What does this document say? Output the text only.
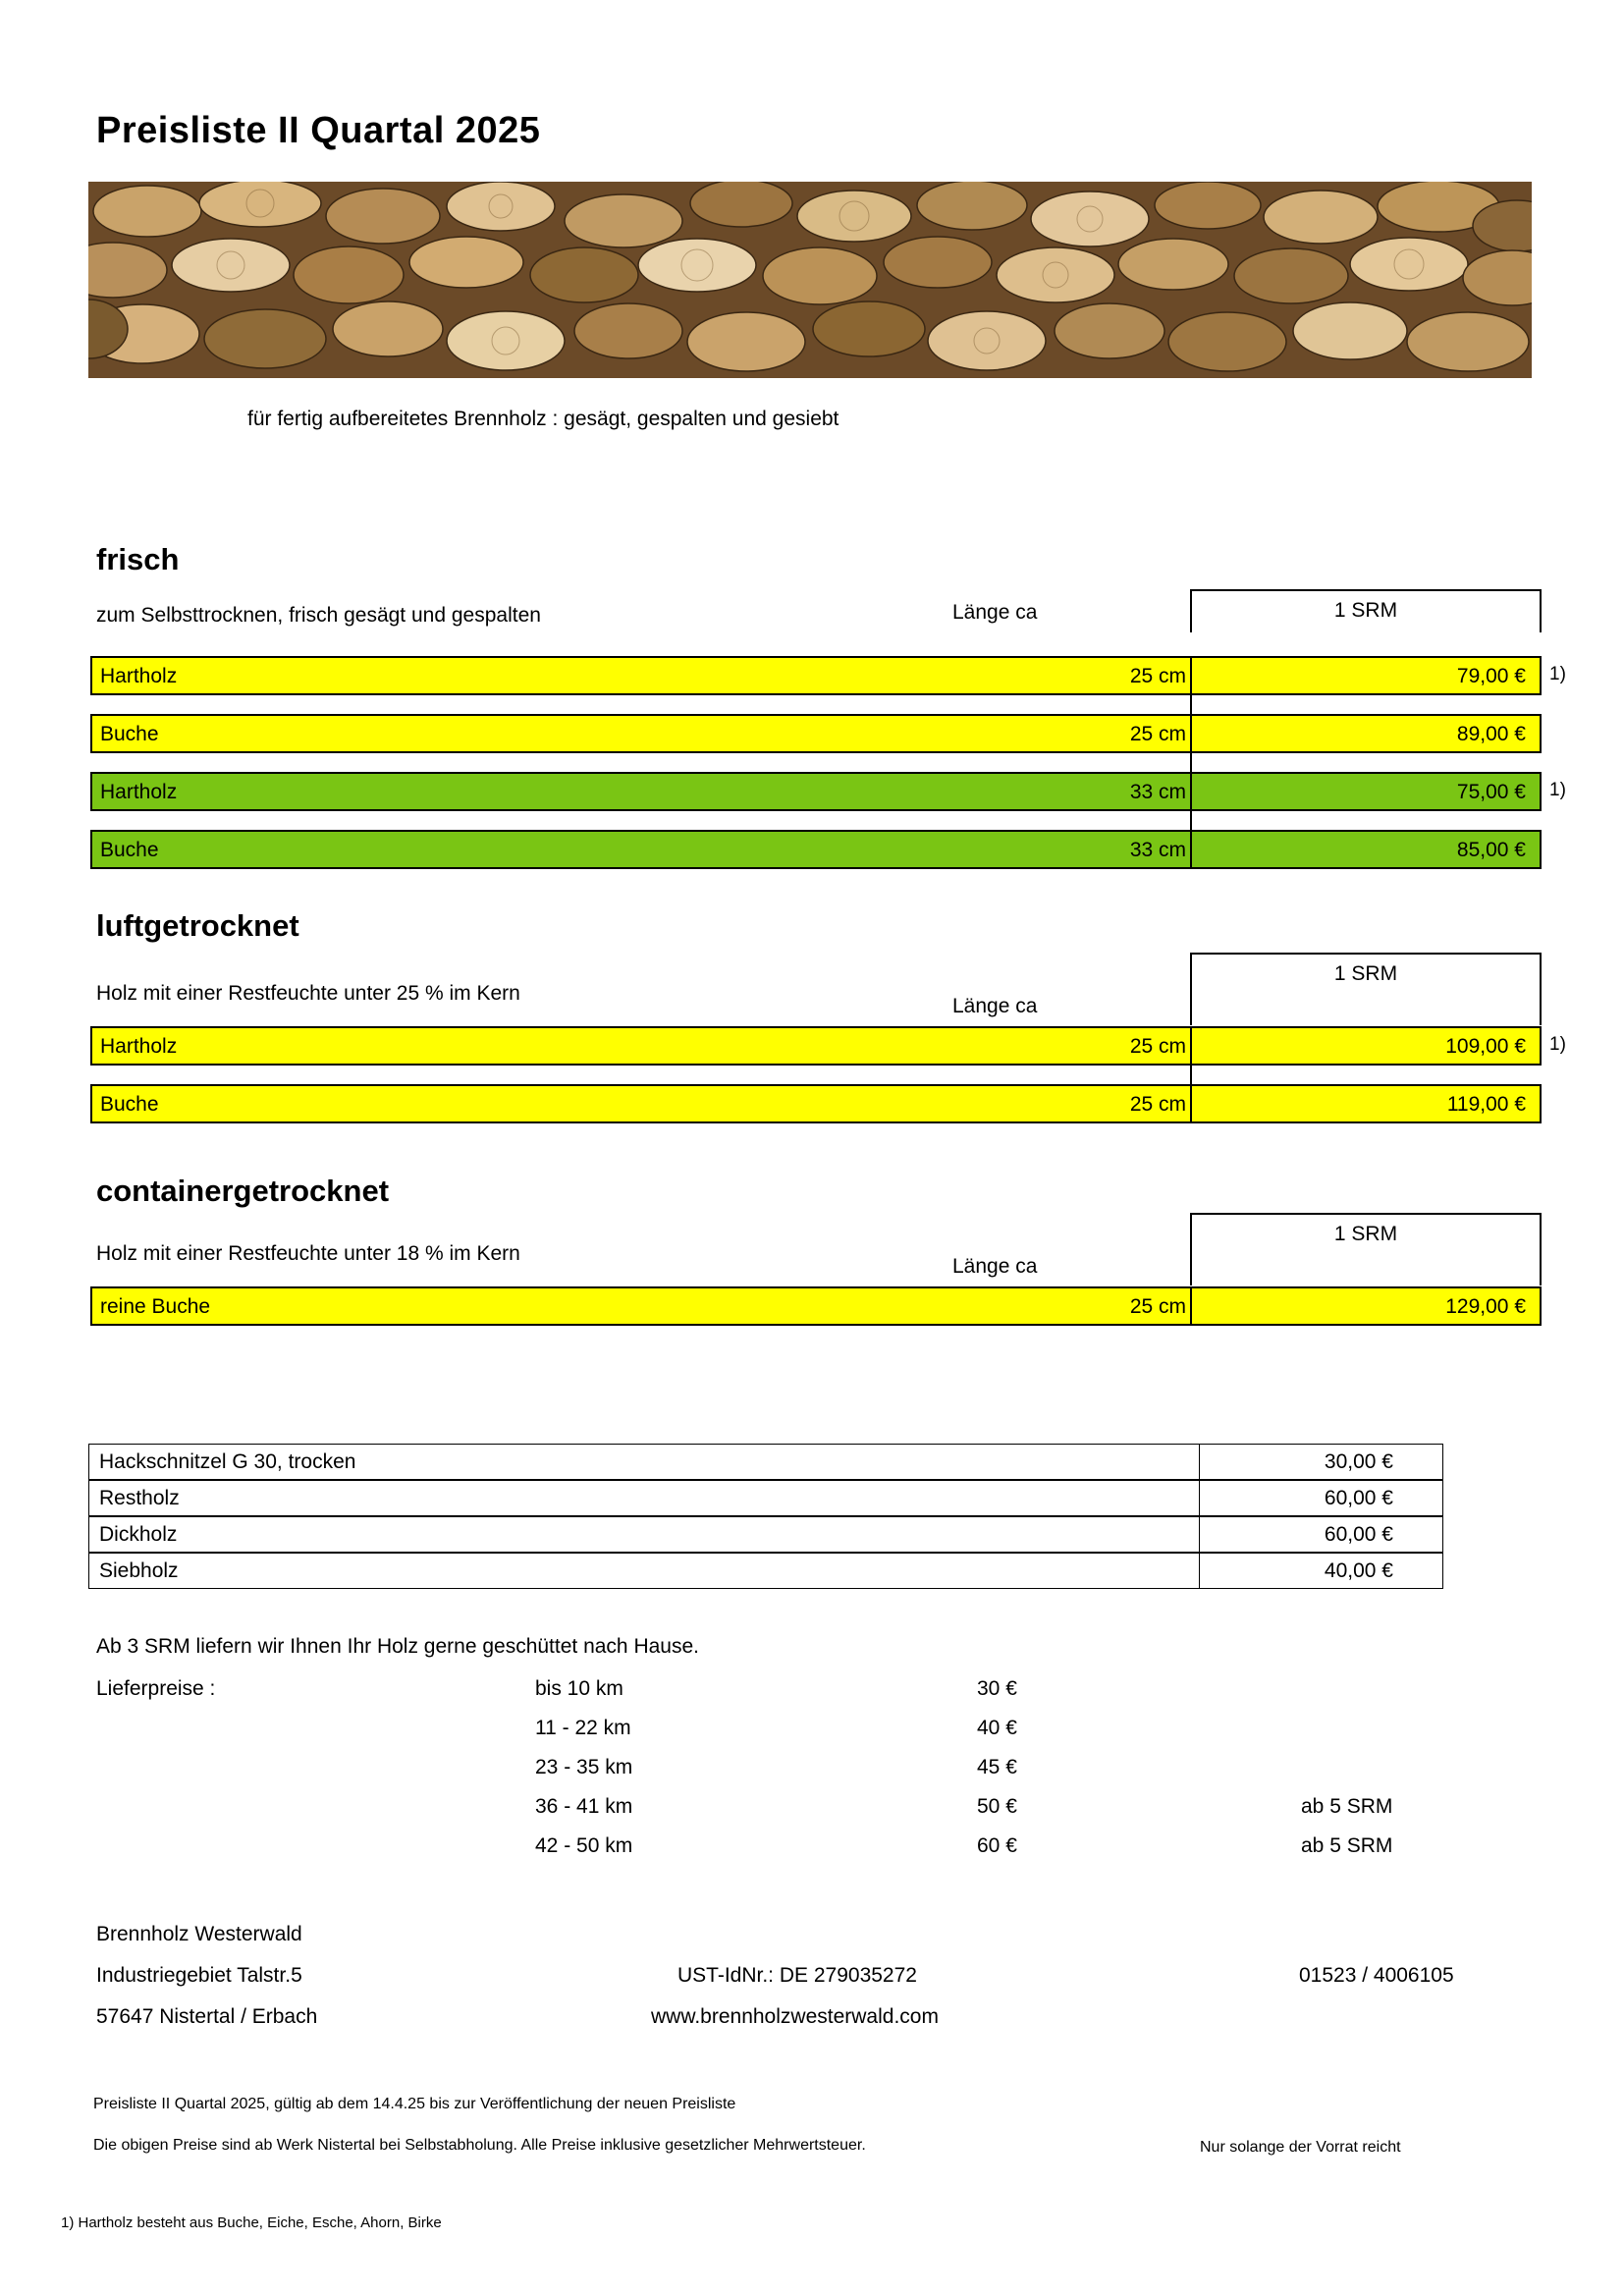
Preisliste II Quartal 2025
für fertig aufbereitetes Brennholz : gesägt, gespalten und gesiebt
frisch
zum Selbsttrocknen, frisch gesägt und gespalten	Länge ca	1 SRM
Hartholz	25 cm	79,00 € 1)
Buche	25 cm	89,00 €
Hartholz	33 cm	75,00 € 1)
Buche	33 cm	85,00 €
luftgetrocknet
Holz mit einer Restfeuchte unter 25 % im Kern
Länge ca
1 SRM
Hartholz	25 cm	109,00 € 1)
Buche	25 cm	119,00 €
containergetrocknet
Holz mit einer Restfeuchte unter 18 % im Kern
Länge ca
1 SRM
reine Buche	25 cm	129,00 €
Hackschnitzel G 30, trocken	30,00 €
Restholz	60,00 €
Dickholz	60,00 €
Siebholz	40,00 €
Ab 3 SRM liefern wir Ihnen Ihr Holz gerne geschüttet nach Hause.
Lieferpreise :	bis 10 km	30 €
11 - 22 km	40 €
23 - 35 km	45 €
36 - 41 km	50 €	ab 5 SRM
42 - 50 km	60 €	ab 5 SRM
Brennholz Westerwald
Industriegebiet Talstr.5
57647 Nistertal / Erbach
UST-IdNr.: DE 279035272
www.brennholzwesterwald.com
01523 / 4006105
Preisliste II Quartal 2025, gültig ab dem 14.4.25 bis zur Veröffentlichung der neuen Preisliste
Die obigen Preise sind ab Werk Nistertal bei Selbstabholung. Alle Preise inklusive gesetzlicher Mehrwertsteuer.	Nur solange der Vorrat reicht
1) Hartholz besteht aus Buche, Eiche, Esche, Ahorn, Birke
